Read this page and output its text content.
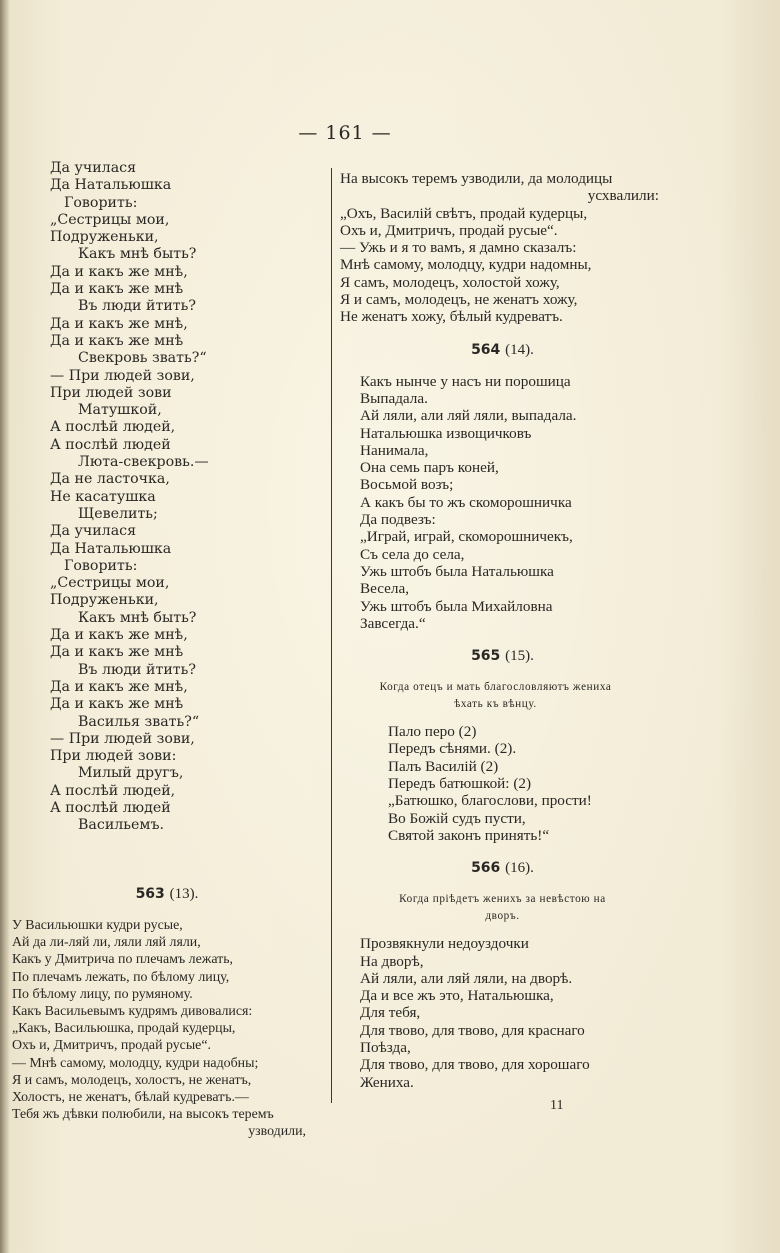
— 161 —
Да училася
Да Натальюшка
Говорить:
„Сестрицы мои,
Подруженьки,
Какъ мнѣ быть?
Да и какъ же мнѣ,
Да и какъ же мнѣ
Въ люди йтить?
Да и какъ же мнѣ,
Да и какъ же мнѣ
Свекровь звать?“
— При людей зови,
При людей зови
Матушкой,
А послѣй людей,
А послѣй людей
Люта-свекровь.—
Да не ласточка,
Не касатушка
Щевелить;
Да училася
Да Натальюшка
Говорить:
„Сестрицы мои,
Подруженьки,
Какъ мнѣ быть?
Да и какъ же мнѣ,
Да и какъ же мнѣ
Въ люди йтить?
Да и какъ же мнѣ,
Да и какъ же мнѣ
Василья звать?“
— При людей зови,
При людей зови:
Милый другъ,
А послѣй людей,
А послѣй людей
Васильемъ.
563 (13).
У Васильюшки кудри русые,
Ай да ли-ляй ли, ляли ляй ляли,
Какъ у Дмитрича по плечамъ лежать,
По плечамъ лежать, по бѣлому лицу,
По бѣлому лицу, по румяному.
Какъ Васильевымъ кудрямъ дивовалися:
„Какъ, Васильюшка, продай кудерцы,
Охъ и, Дмитричъ, продай русые“.
— Мнѣ самому, молодцу, кудри надобны;
Я и самъ, молодецъ, холостъ, не женатъ,
Холостъ, не женатъ, бѣлай кудреватъ.—
Тебя жъ дѣвки полюбили, на высокъ теремъ
узводили,
На высокъ теремъ узводили, да молодицы
усхвалили:
„Охъ, Василій свѣтъ, продай кудерцы,
Охъ и, Дмитричъ, продай русые“.
— Ужь и я то вамъ, я дамно сказалъ:
Мнѣ самому, молодцу, кудри надомны,
Я самъ, молодецъ, холостой хожу,
Я и самъ, молодецъ, не женатъ хожу,
Не женатъ хожу, бѣлый кудреватъ.
564 (14).
Какъ нынче у насъ ни порошица
Выпадала.
Ай ляли, али ляй ляли, выпадала.
Натальюшка извощичковъ
Нанимала,
Она семь паръ коней,
Восьмой возъ;
А какъ бы то жъ скоморошничка
Да подвезъ:
„Играй, играй, скоморошничекъ,
Съ села до села,
Ужь штобъ была Натальюшка
Весела,
Ужь штобъ была Михайловна
Завсегда.“
565 (15).
Когда отецъ и мать благословляютъ жениха
ѣхать къ вѣнцу.
Пало перо (2)
Передъ сѣнями. (2).
Палъ Василій (2)
Передъ батюшкой: (2)
„Батюшко, благослови, прости!
Во Божій судъ пусти,
Святой законъ принять!“
566 (16).
Когда пріѣдетъ женихъ за невѣстою на
дворъ.
Прозвякнули недоуздочки
На дворѣ,
Ай ляли, али ляй ляли, на дворѣ.
Да и все жъ это, Натальюшка,
Для тебя,
Для твово, для твово, для краснаго
Поѣзда,
Для твово, для твово, для хорошаго
Жениха.
11
